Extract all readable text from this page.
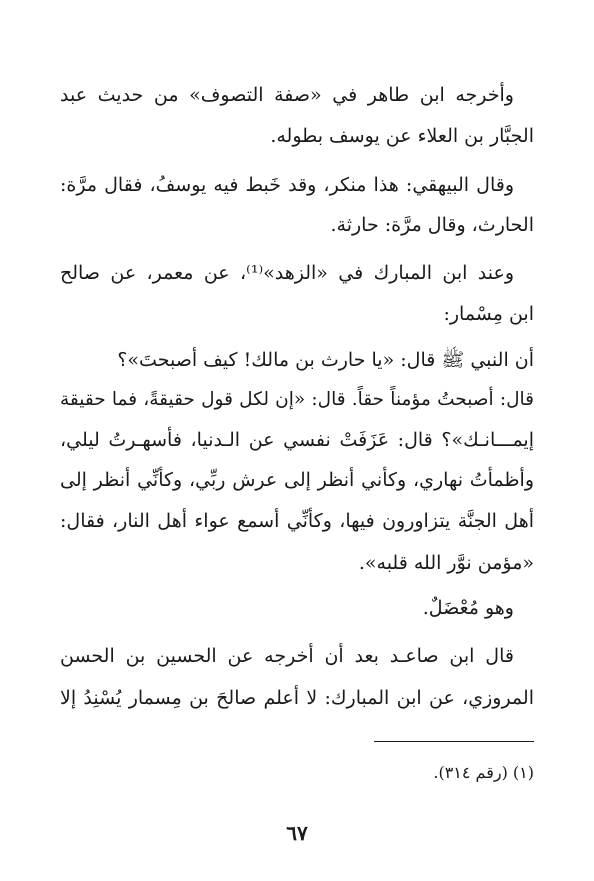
وأخرجه ابن طاهر في «صفة التصوف» من حديث عبد
الجبَّار بن العلاء عن يوسف بطوله.
وقال البيهقي: هذا منكر، وقد خَبط فيه يوسفُ، فقال مرَّة:
الحارث، وقال مرَّة: حارثة.
وعند ابن المبارك في «الزهد»⁽¹⁾، عن معمر، عن صالح
ابن مِسْمار:
أن النبي ﷺ قال: «يا حارث بن مالك! كيف أصبحتَ»؟
قال: أصبحتُ مؤمناً حقاً. قال: «إن لكل قول حقيقةً، فما حقيقة
إيمـــانـك»؟ قال: عَزَفَتْ نفسي عن الـدنيا، فأسهـرتُ ليلي،
وأظمأتُ نهاري، وكأني أنظر إلى عرش ربِّي، وكأنِّي أنظر إلى
أهل الجنَّة يتزاورون فيها، وكأنِّي أسمع عواء أهل النار، فقال:
«مؤمن نوَّر الله قلبه».
وهو مُعْضَلٌ.
قال ابن صاعـد بعد أن أخرجه عن الحسين بن الحسن
المروزي، عن ابن المبارك: لا أعلم صالحَ بن مِسمار يُسْنِدُ إلا
(١) (رقم ٣١٤).
٦٧
